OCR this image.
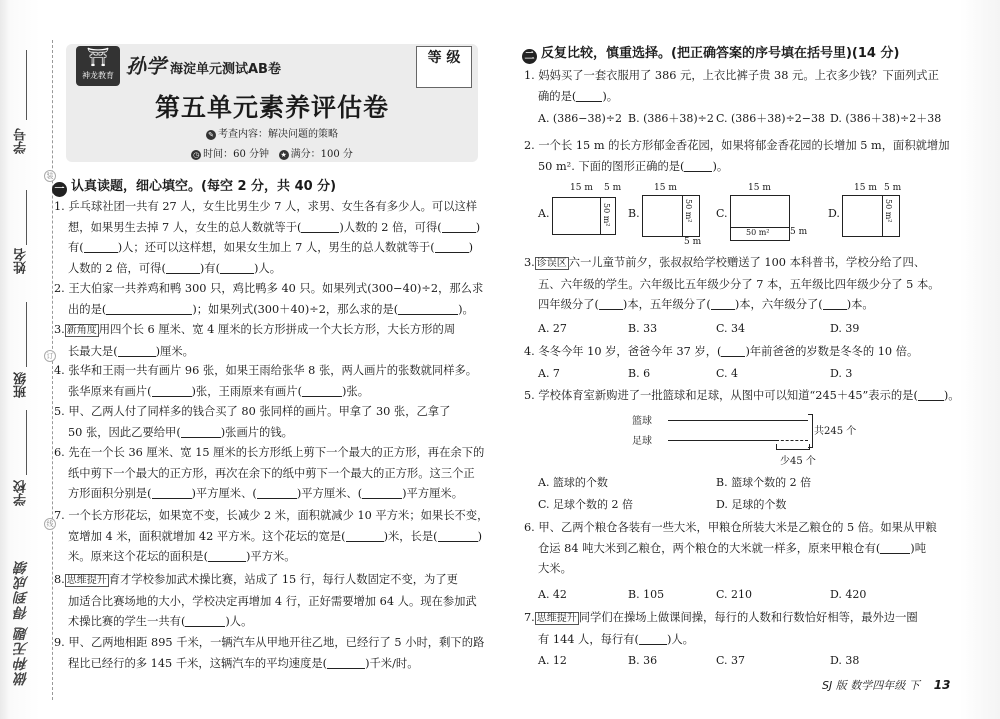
装
订
线
学号
姓名
班级
学校
做种无题 得到成绩
⛩
神龙教育 孙学 海淀单元测试AB卷
等 级
第五单元素养评估卷
✎ 考查内容：解决问题的策略
◷ 时间：60 分钟 ★ 满分：100 分
一 认真读题，细心填空。(每空 2 分，共 40 分)
1. 乒乓球社团一共有 27 人，女生比男生少 7 人，求男、女生各有多少人。可以这样
想，如果男生去掉 7 人，女生的总人数就等于(	)人数的 2 倍，可得(	)
有(	)人；还可以这样想，如果女生加上 7 人，男生的总人数就等于(	)
人数的 2 倍，可得(	)有(	)人。
2. 王大伯家一共养鸡和鸭 300 只，鸡比鸭多 40 只。如果列式(300−40)÷2，那么求
出的是(	)；如果列式(300＋40)÷2，那么求的是(	)。
3. 新角度 用四个长 6 厘米、宽 4 厘米的长方形拼成一个大长方形，大长方形的周
长最大是(	)厘米。
4. 张华和王雨一共有画片 96 张，如果王雨给张华 8 张，两人画片的张数就同样多。
张华原来有画片(	)张，王雨原来有画片(	)张。
5. 甲、乙两人付了同样多的钱合买了 80 张同样的画片。甲拿了 30 张，乙拿了
50 张，因此乙要给甲(	)张画片的钱。
6. 先在一个长 36 厘米、宽 15 厘米的长方形纸上剪下一个最大的正方形，再在余下的
纸中剪下一个最大的正方形，再次在余下的纸中剪下一个最大的正方形。这三个正
方形面积分别是(	)平方厘米、(	)平方厘米、(	)平方厘米。
7. 一个长方形花坛，如果宽不变，长减少 2 米，面积就减少 10 平方米；如果长不变，
宽增加 4 米，面积就增加 42 平方米。这个花坛的宽是(	)米，长是(	)
米。原来这个花坛的面积是(	)平方米。
8. 思维提升 育才学校参加武术操比赛，站成了 15 行，每行人数固定不变，为了更
加适合比赛场地的大小，学校决定再增加 4 行，正好需要增加 64 人。现在参加武
术操比赛的学生一共有(	)人。
9. 甲、乙两地相距 895 千米，一辆汽车从甲地开往乙地，已经行了 5 小时，剩下的路
程比已经行的多 145 千米，这辆汽车的平均速度是(	)千米/时。
二 反复比较，慎重选择。(把正确答案的序号填在括号里)(14 分)
1. 妈妈买了一套衣服用了 386 元，上衣比裤子贵 38 元。上衣多少钱？下面列式正
确的是( )。
A. (386−38)÷2 B. (386＋38)÷2 C. (386＋38)÷2−38 D. (386＋38)÷2＋38
2. 一个长 15 m 的长方形郁金香花园，如果将郁金香花园的长增加 5 m，面积就增加
50 m². 下面的图形正确的是( )。
A.
15 m 5 m
50 m² B.
15 m
50 m²
5 m
C.
15 m
50 m² 5 m
D.
15 m 5 m
50 m²
3. 诊误区 六一儿童节前夕，张叔叔给学校赠送了 100 本科普书，学校分给了四、
五、六年级的学生。六年级比五年级少分了 7 本，五年级比四年级少分了 5 本。
四年级分了( )本，五年级分了( )本，六年级分了( )本。
A. 27	B. 33	C. 34	D. 39
4. 冬冬今年 10 岁，爸爸今年 37 岁，( )年前爸爸的岁数是冬冬的 10 倍。
A. 7	B. 6	C. 4	D. 3
5. 学校体育室新购进了一批篮球和足球，从图中可以知道“245＋45”表示的是( )。
篮球
足球
共245 个
少45 个
A. 篮球的个数	B. 篮球个数的 2 倍
C. 足球个数的 2 倍	D. 足球的个数
6. 甲、乙两个粮仓各装有一些大米，甲粮仓所装大米是乙粮仓的 5 倍。如果从甲粮
仓运 84 吨大米到乙粮仓，两个粮仓的大米就一样多，原来甲粮仓有(	)吨
大米。
A. 42	B. 105	C. 210	D. 420
7. 思维提升 同学们在操场上做课间操，每行的人数和行数恰好相等，最外边一圈
有 144 人，每行有( )人。
A. 12	B. 36	C. 37	D. 38
SJ 版 数学四年级 下 13
